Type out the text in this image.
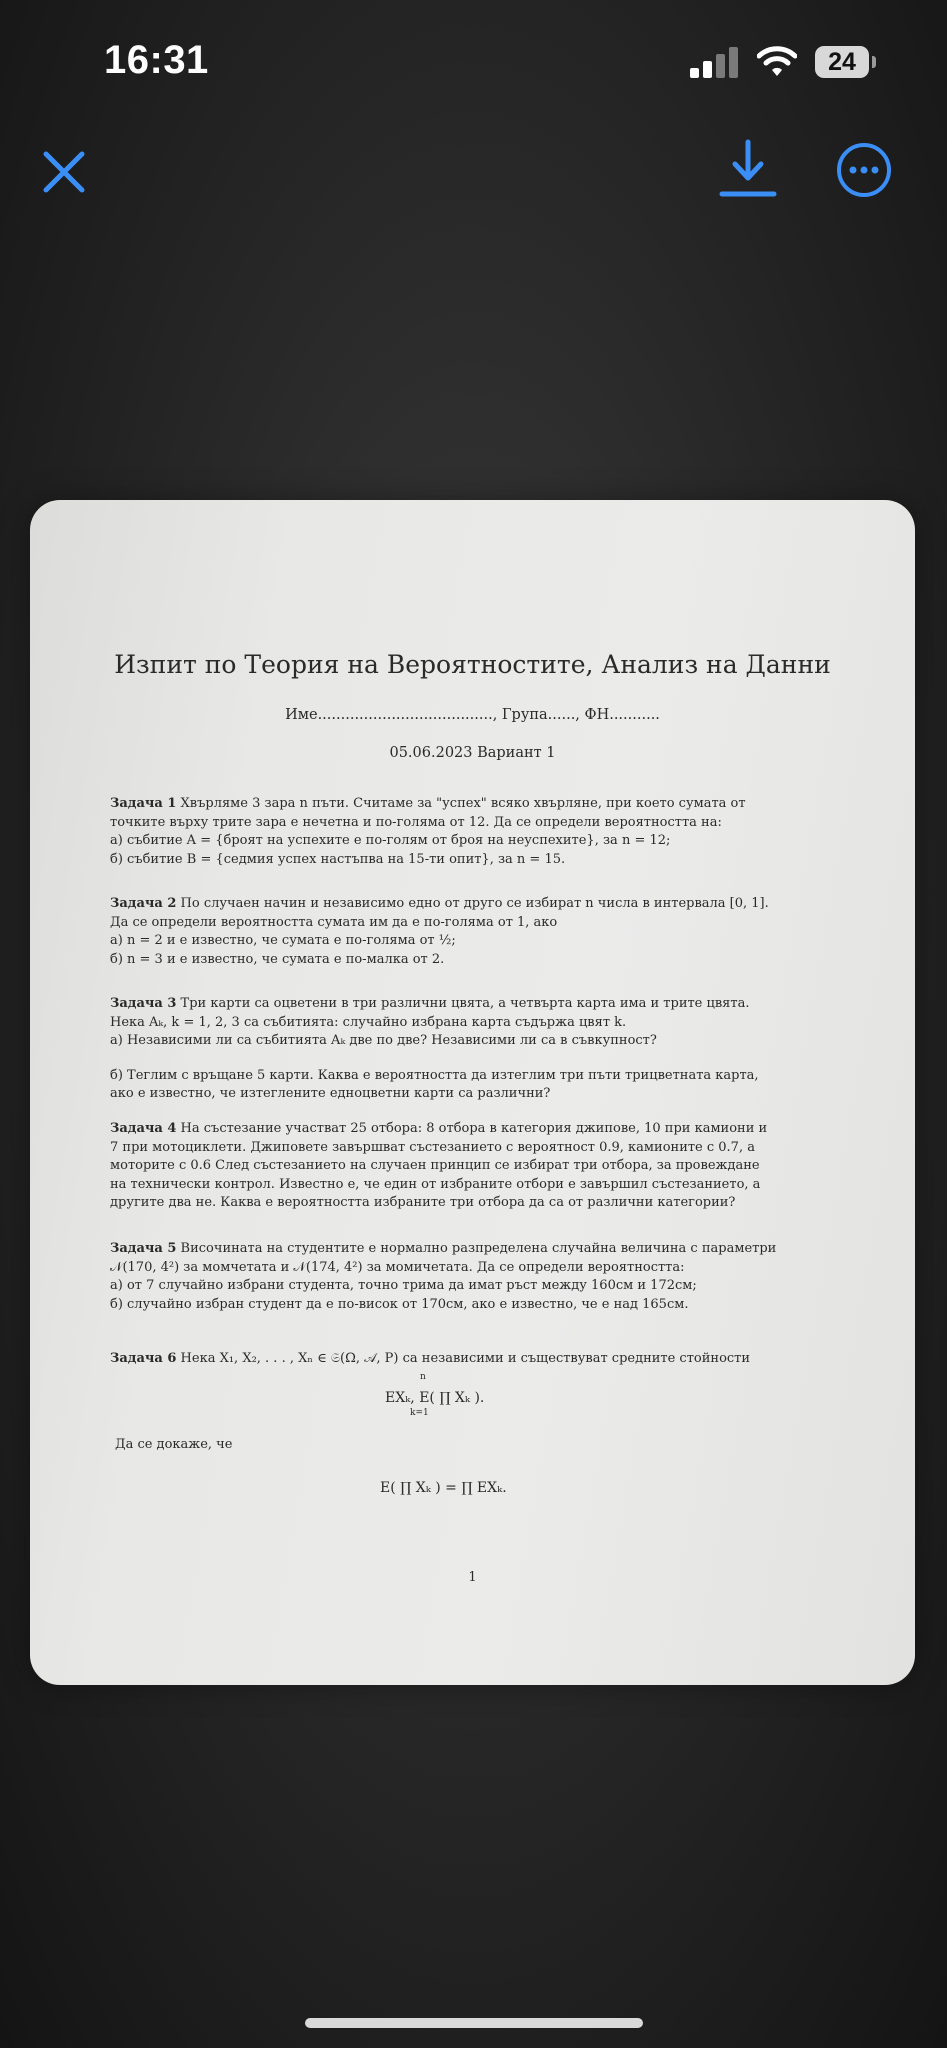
16:31	24
Изпит по Теория на Вероятностите, Анализ на Данни
Име......................................, Група......, ФН...........
05.06.2023 Вариант 1

Задача 1 Хвърляме 3 зара n пъти. Считаме за "успех" всяко хвърляне, при което сумата от

точките върху трите зара е нечетна и по-голяма от 12. Да се определи вероятността на:

а) събитие A = {броят на успехите е по-голям от броя на неуспехите}, за n = 12;

б) събитие B = {седмия успех настъпва на 15-ти опит}, за n = 15.

Задача 2 По случаен начин и независимо едно от друго се избират n числа в интервала [0, 1].

Да се определи вероятността сумата им да е по-голяма от 1, ако

а) n = 2 и е известно, че сумата е по-голяма от ½;

б) n = 3 и е известно, че сумата е по-малка от 2.

Задача 3 Три карти са оцветени в три различни цвята, а четвърта карта има и трите цвята.

Нека Aₖ, k = 1, 2, 3 са събитията: случайно избрана карта съдържа цвят k.

а) Независими ли са събитията Aₖ две по две? Независими ли са в съвкупност?

б) Теглим с връщане 5 карти. Каква е вероятността да изтеглим три пъти трицветната карта,

ако е известно, че изтеглените едноцветни карти са различни?

Задача 4 На състезание участват 25 отбора: 8 отбора в категория джипове, 10 при камиони и

7 при мотоциклети. Джиповете завършват състезанието с вероятност 0.9, камионите с 0.7, а

моторите с 0.6 След състезанието на случаен принцип се избират три отбора, за провеждане

на технически контрол. Известно е, че един от избраните отбори е завършил състезанието, а

другите два не. Каква е вероятността избраните три отбора да са от различни категории?

Задача 5 Височината на студентите е нормално разпределена случайна величина с параметри

𝒩(170, 4²) за момчетата и 𝒩(174, 4²) за момичетата. Да се определи вероятността:

а) от 7 случайно избрани студента, точно трима да имат ръст между 160см и 172см;

б) случайно избран студент да е по-висок от 170см, ако е известно, че е над 165см.

Задача 6 Нека X₁, X₂, . . . , Xₙ ∈ 𝔖(Ω, 𝒜, P) са независими и съществуват средните стойности

EXₖ, E( ∏ Xₖ ).
Да се докаже, че
E( ∏ Xₖ ) = ∏ EXₖ.
n
k=1
1
